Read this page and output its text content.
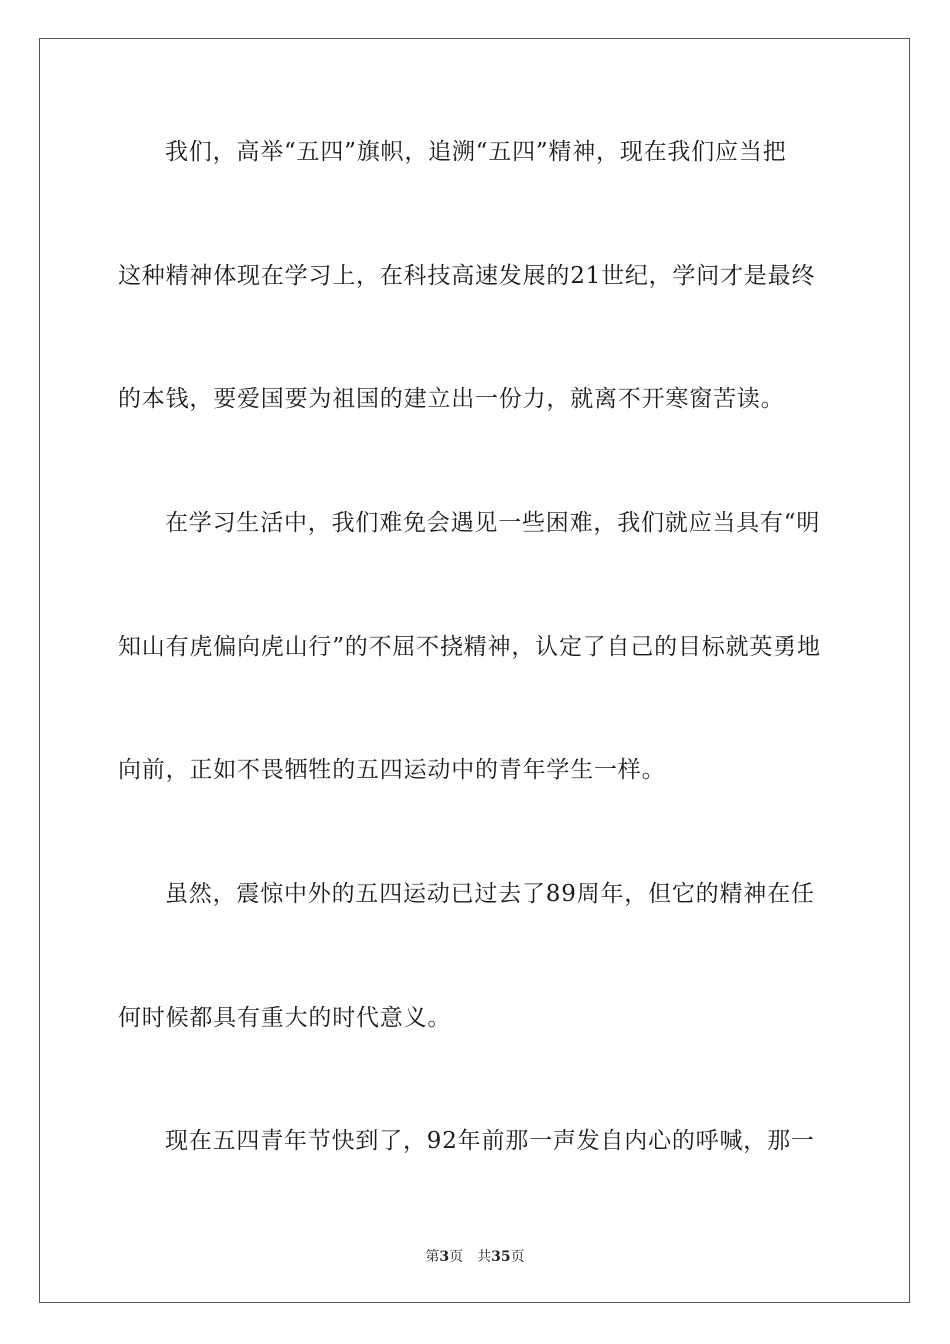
我们，高举“五四”旗帜，追溯“五四”精神，现在我们应当把
这种精神体现在学习上，在科技高速发展的21世纪，学问才是最终
的本钱，要爱国要为祖国的建立出一份力，就离不开寒窗苦读。
在学习生活中，我们难免会遇见一些困难，我们就应当具有“明
知山有虎偏向虎山行”的不屈不挠精神，认定了自己的目标就英勇地
向前，正如不畏牺牲的五四运动中的青年学生一样。
虽然，震惊中外的五四运动已过去了89周年，但它的精神在任
何时候都具有重大的时代意义。
现在五四青年节快到了，92年前那一声发自内心的呼喊，那一
第3页 共35页
